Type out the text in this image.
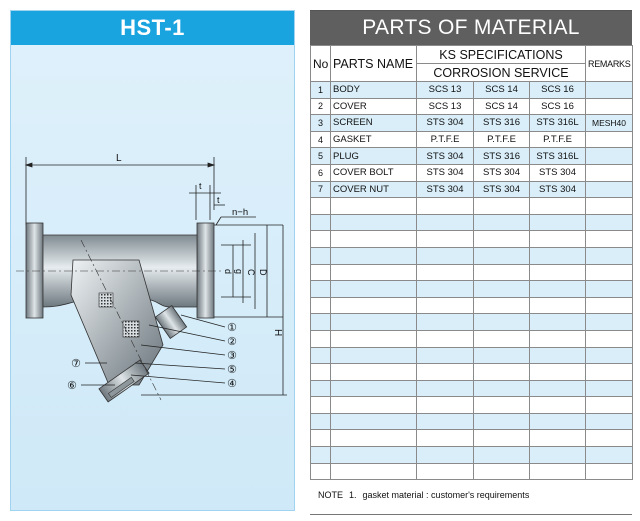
HST-1
L
t
t
n−h
d g C D
H
①
②
③
⑤
④
⑦
⑥
PARTS OF MATERIAL
No	PARTS NAME	KS SPECIFICATIONS			REMARKS
		CORROSION SERVICE			
1	BODY	SCS 13	SCS 14	SCS 16	
2	COVER	SCS 13	SCS 14	SCS 16	
3	SCREEN	STS 304	STS 316	STS 316L	MESH40
4	GASKET	P.T.F.E	P.T.F.E	P.T.F.E	
5	PLUG	STS 304	STS 316	STS 316L	
6	COVER BOLT	STS 304	STS 304	STS 304	
7	COVER NUT	STS 304	STS 304	STS 304	

NOTE 1. gasket material : customer's requirements
